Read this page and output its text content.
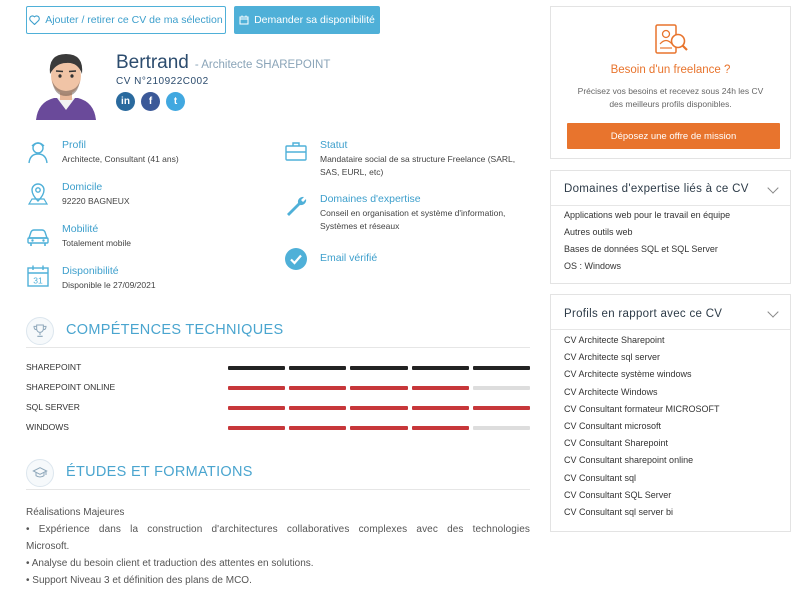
Ajouter / retirer ce CV de ma sélection	Demander sa disponibilité
Bertrand - Architecte SHAREPOINT
CV N°210922C002
in	f	t
Profil
Architecte, Consultant (41 ans)
Domicile
92220 BAGNEUX
Mobilité
Totalement mobile
31
Disponibilité
Disponible le 27/09/2021
Statut
Mandataire social de sa structure Freelance (SARL, SAS, EURL, etc)
Domaines d'expertise
Conseil en organisation et système d'information, Systèmes et réseaux
Email vérifié
COMPÉTENCES TECHNIQUES
SHAREPOINT
SHAREPOINT ONLINE
SQL SERVER
WINDOWS
ÉTUDES ET FORMATIONS
Réalisations Majeures
• Expérience dans la construction d'architectures collaboratives complexes avec des technologies
Microsoft.
• Analyse du besoin client et traduction des attentes en solutions.
• Support Niveau 3 et définition des plans de MCO.
Besoin d'un freelance ?
Précisez vos besoins et recevez sous 24h les CV
des meilleurs profils disponibles.
Déposez une offre de mission
Domaines d'expertise liés à ce CV
Applications web pour le travail en équipe
Autres outils web
Bases de données SQL et SQL Server
OS : Windows
Profils en rapport avec ce CV
CV Architecte Sharepoint
CV Architecte sql server
CV Architecte système windows
CV Architecte Windows
CV Consultant formateur MICROSOFT
CV Consultant microsoft
CV Consultant Sharepoint
CV Consultant sharepoint online
CV Consultant sql
CV Consultant SQL Server
CV Consultant sql server bi
